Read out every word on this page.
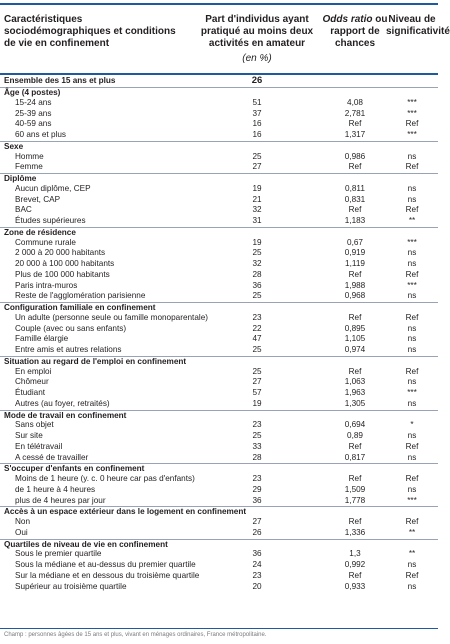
Caractéristiques sociodémographiques et conditions de vie en confinement
Part d'individus ayant pratiqué au moins deux activités en amateur
(en %)
Odds ratio ou rapport de chances
Niveau de significativité
Ensemble des 15 ans et plus	26
Âge (4 postes)
15-24 ans	51	4,08	***
25-39 ans	37	2,781	***
40-59 ans	16	Ref	Ref
60 ans et plus	16	1,317	***
Sexe
Homme	25	0,986	ns
Femme	27	Ref	Ref
Diplôme
Aucun diplôme, CEP	19	0,811	ns
Brevet, CAP	21	0,831	ns
BAC	32	Ref	Ref
Études supérieures	31	1,183	**
Zone de résidence
Commune rurale	19	0,67	***
2 000 à 20 000 habitants	25	0,919	ns
20 000 à 100 000 habitants	32	1,119	ns
Plus de 100 000 habitants	28	Ref	Ref
Paris intra-muros	36	1,988	***
Reste de l'agglomération parisienne	25	0,968	ns
Configuration familiale en confinement
Un adulte (personne seule ou famille monoparentale)	23	Ref	Ref
Couple (avec ou sans enfants)	22	0,895	ns
Famille élargie	47	1,105	ns
Entre amis et autres relations	25	0,974	ns
Situation au regard de l'emploi en confinement
En emploi	25	Ref	Ref
Chômeur	27	1,063	ns
Étudiant	57	1,963	***
Autres (au foyer, retraités)	19	1,305	ns
Mode de travail en confinement
Sans objet	23	0,694	*
Sur site	25	0,89	ns
En télétravail	33	Ref	Ref
A cessé de travailler	28	0,817	ns
S'occuper d'enfants en confinement
Moins de 1 heure (y. c. 0 heure car pas d'enfants)	23	Ref	Ref
de 1 heure à 4 heures	29	1,509	ns
plus de 4 heures par jour	36	1,778	***
Accès à un espace extérieur dans le logement en confinement
Non	27	Ref	Ref
Oui	26	1,336	**
Quartiles de niveau de vie en confinement
Sous le premier quartile	36	1,3	**
Sous la médiane et au-dessus du premier quartile	24	0,992	ns
Sur la médiane et en dessous du troisième quartile	23	Ref	Ref
Supérieur au troisième quartile	20	0,933	ns
Champ : personnes âgées de 15 ans et plus, vivant en ménages ordinaires, France métropolitaine.
